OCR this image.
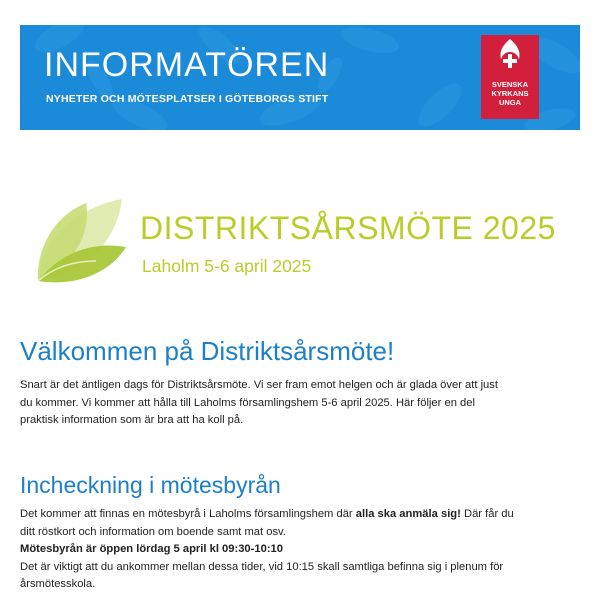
INFORMATÖREN
NYHETER OCH MÖTESPLATSER I GÖTEBORGS STIFT
SVENSKA
KYRKANS
UNGA
DISTRIKTSÅRSMÖTE 2025
Laholm 5-6 april 2025
Välkommen på Distriktsårsmöte!

Snart är det äntligen dags för Distriktsårsmöte. Vi ser fram emot helgen och är glada över att just
du kommer. Vi kommer att hålla till Laholms församlingshem 5-6 april 2025. Här följer en del
praktisk information som är bra att ha koll på.

Incheckning i mötesbyrån

Det kommer att finnas en mötesbyrå i Laholms församlingshem där alla ska anmäla sig! Där får du
ditt röstkort och information om boende samt mat osv.
Mötesbyrån är öppen lördag 5 april kl 09:30-10:10
Det är viktigt att du ankommer mellan dessa tider, vid 10:15 skall samtliga befinna sig i plenum för
årsmötesskola.
